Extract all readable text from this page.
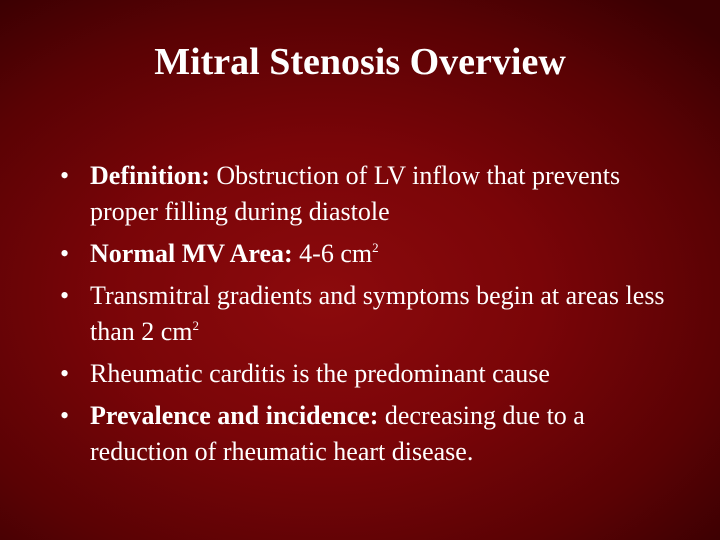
Mitral Stenosis Overview
• Definition: Obstruction of LV inflow that prevents proper filling during diastole
• Normal MV Area: 4-6 $cm^2$
• Transmitral gradients and symptoms begin at areas less than 2 $cm^2$
• Rheumatic carditis is the predominant cause
• Prevalence and incidence: decreasing due to a reduction of rheumatic heart disease.
